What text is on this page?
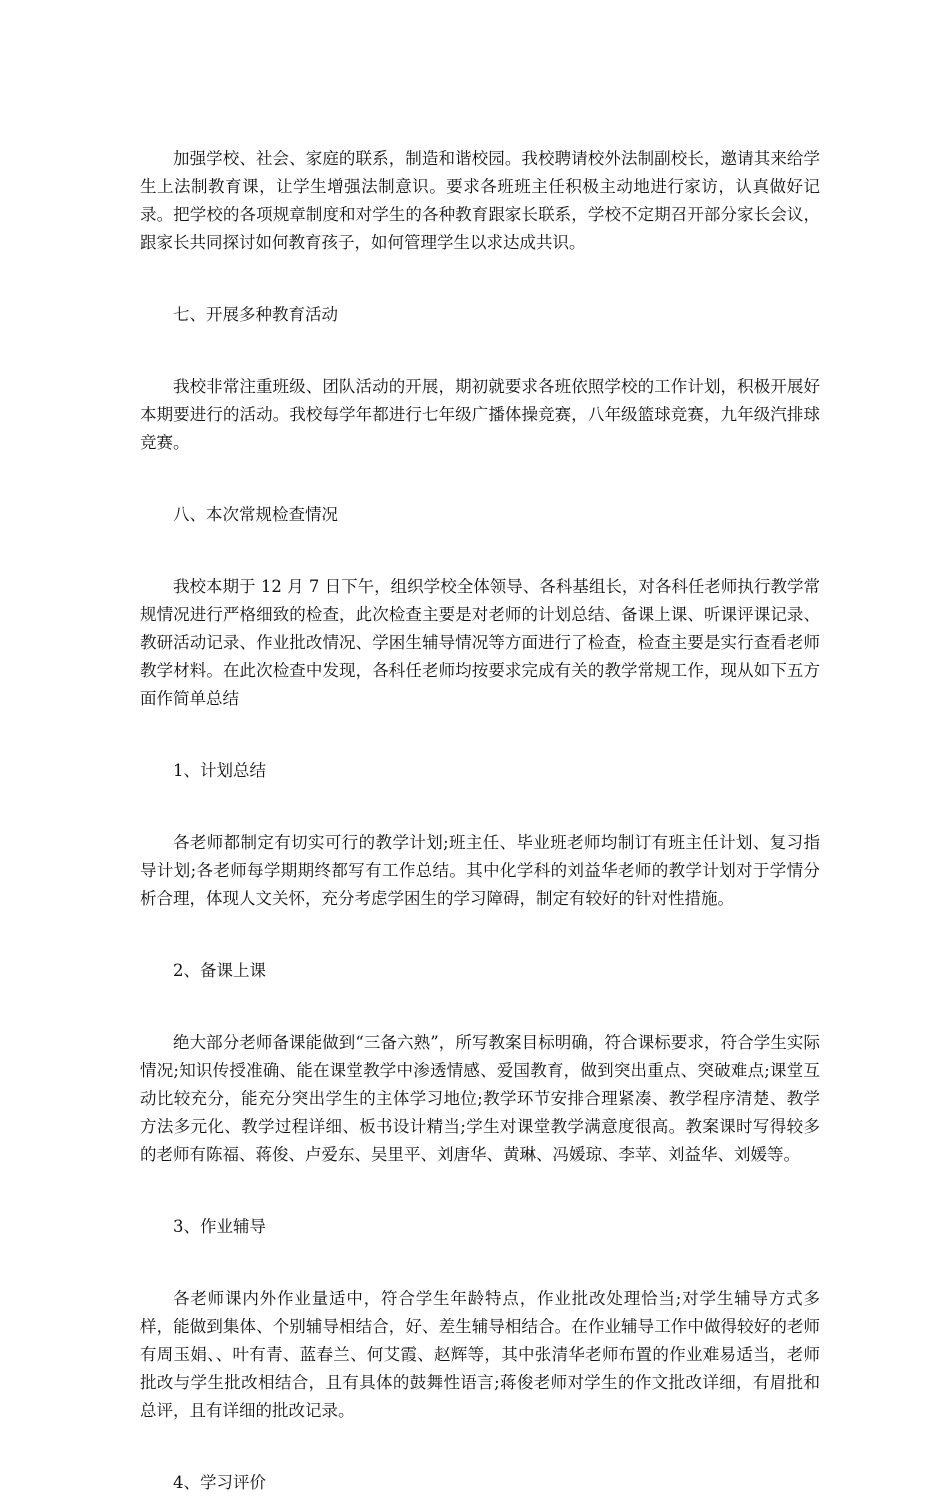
加强学校、社会、家庭的联系，制造和谐校园。我校聘请校外法制副校长，邀请其来给学生上法制教育课，让学生增强法制意识。要求各班班主任积极主动地进行家访，认真做好记录。把学校的各项规章制度和对学生的各种教育跟家长联系，学校不定期召开部分家长会议，跟家长共同探讨如何教育孩子，如何管理学生以求达成共识。

七、开展多种教育活动

我校非常注重班级、团队活动的开展，期初就要求各班依照学校的工作计划，积极开展好本期要进行的活动。我校每学年都进行七年级广播体操竞赛，八年级篮球竞赛，九年级汽排球竞赛。

八、本次常规检查情况

我校本期于 12 月 7 日下午，组织学校全体领导、各科基组长，对各科任老师执行教学常规情况进行严格细致的检查，此次检查主要是对老师的计划总结、备课上课、听课评课记录、教研活动记录、作业批改情况、学困生辅导情况等方面进行了检查，检查主要是实行查看老师教学材料。在此次检查中发现，各科任老师均按要求完成有关的教学常规工作，现从如下五方面作简单总结

1、计划总结

各老师都制定有切实可行的教学计划;班主任、毕业班老师均制订有班主任计划、复习指导计划;各老师每学期期终都写有工作总结。其中化学科的刘益华老师的教学计划对于学情分析合理，体现人文关怀，充分考虑学困生的学习障碍，制定有较好的针对性措施。

2、备课上课

绝大部分老师备课能做到“三备六熟”，所写教案目标明确，符合课标要求，符合学生实际情况;知识传授准确、能在课堂教学中渗透情感、爱国教育，做到突出重点、突破难点;课堂互动比较充分，能充分突出学生的主体学习地位;教学环节安排合理紧凑、教学程序清楚、教学方法多元化、教学过程详细、板书设计精当;学生对课堂教学满意度很高。教案课时写得较多的老师有陈福、蒋俊、卢爱东、吴里平、刘唐华、黄琳、冯媛琼、李苹、刘益华、刘媛等。

3、作业辅导

各老师课内外作业量适中，符合学生年龄特点，作业批改处理恰当;对学生辅导方式多样，能做到集体、个别辅导相结合，好、差生辅导相结合。在作业辅导工作中做得较好的老师有周玉娟、、叶有青、蓝春兰、何艾霞、赵辉等，其中张清华老师布置的作业难易适当，老师批改与学生批改相结合，且有具体的鼓舞性语言;蒋俊老师对学生的作文批改详细，有眉批和总评，且有详细的批改记录。

4、学习评价
